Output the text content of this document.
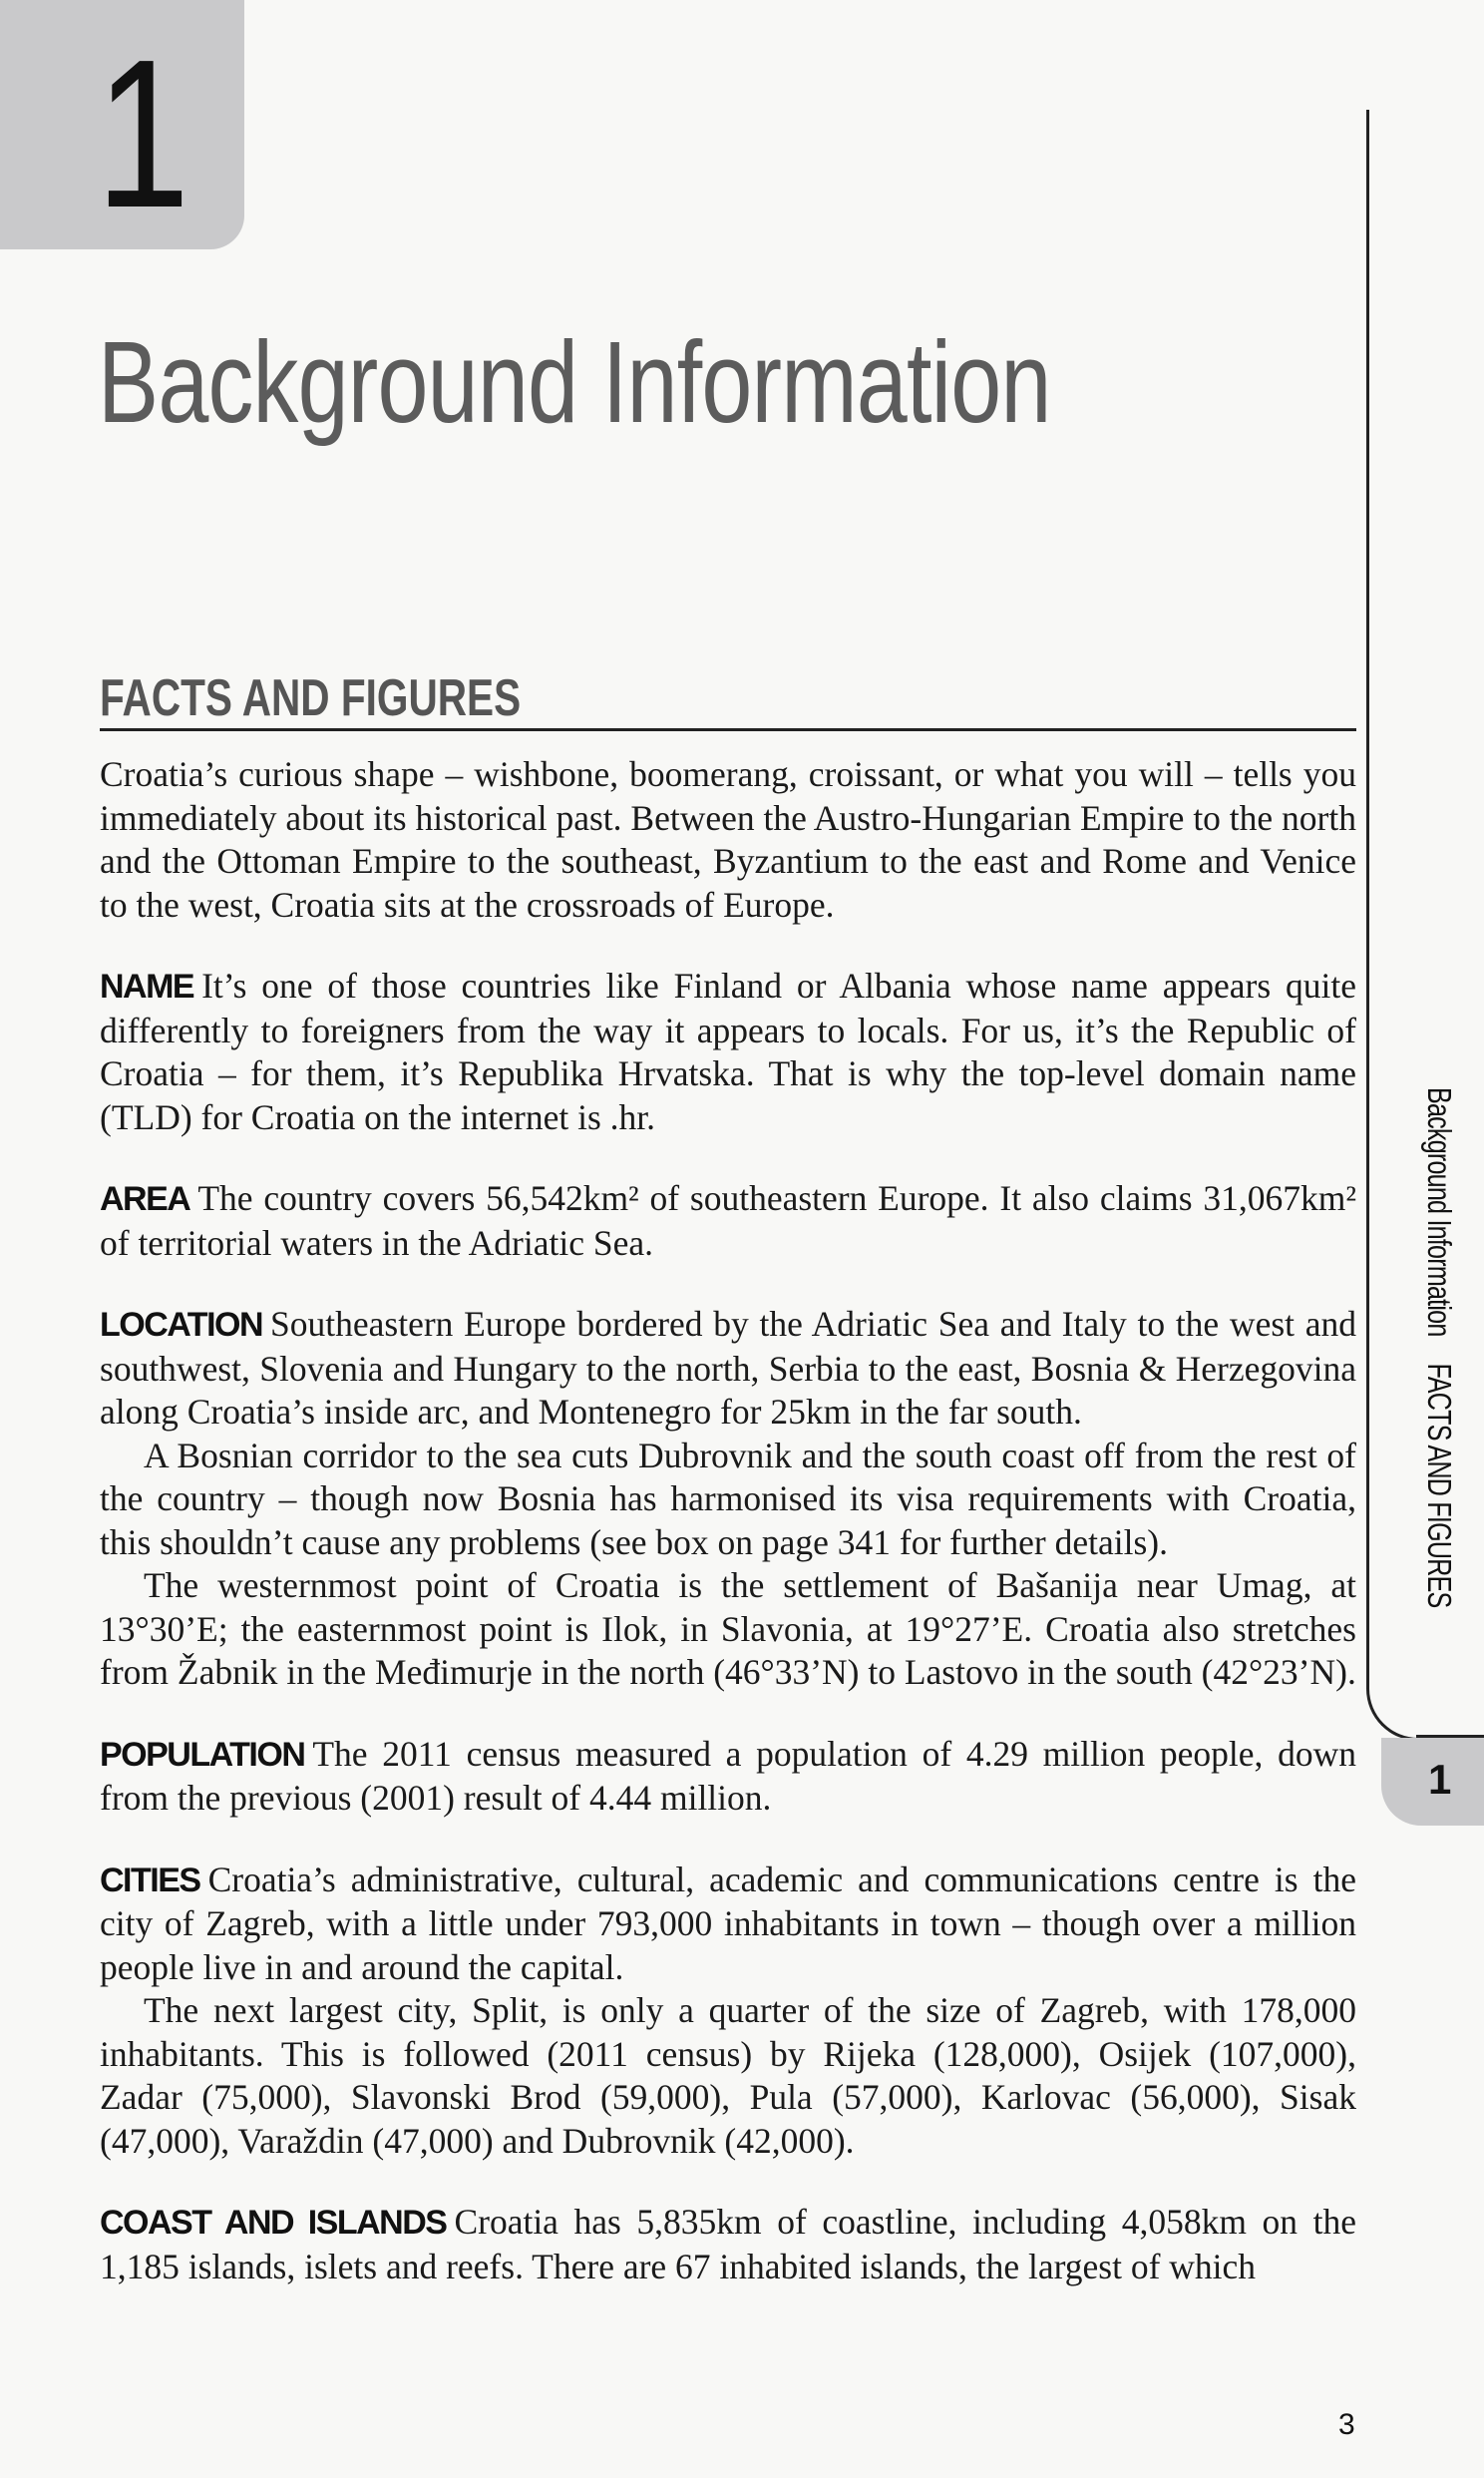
1
Background Information
FACTS AND FIGURES

Croatia’s curious shape – wishbone, boomerang, croissant, or what you will – tells you immediately about its historical past. Between the Austro-Hungarian Empire to the north and the Ottoman Empire to the southeast, Byzantium to the east and Rome and Venice to the west, Croatia sits at the crossroads of Europe.

NAME It’s one of those countries like Finland or Albania whose name appears quite differently to foreigners from the way it appears to locals. For us, it’s the Republic of Croatia – for them, it’s Republika Hrvatska. That is why the top-level domain name (TLD) for Croatia on the internet is .hr.

AREA The country covers 56,542km² of southeastern Europe. It also claims 31,067km² of territorial waters in the Adriatic Sea.

LOCATION Southeastern Europe bordered by the Adriatic Sea and Italy to the west and southwest, Slovenia and Hungary to the north, Serbia to the east, Bosnia & Herzegovina along Croatia’s inside arc, and Montenegro for 25km in the far south.

A Bosnian corridor to the sea cuts Dubrovnik and the south coast off from the rest of the country – though now Bosnia has harmonised its visa requirements with Croatia, this shouldn’t cause any problems (see box on page 341 for further details).

The westernmost point of Croatia is the settlement of Bašanija near Umag, at 13°30’E; the easternmost point is Ilok, in Slavonia, at 19°27’E. Croatia also stretches from Žabnik in the Međimurje in the north (46°33’N) to Lastovo in the south (42°23’N).

POPULATION The 2011 census measured a population of 4.29 million people, down from the previous (2001) result of 4.44 million.

CITIES Croatia’s administrative, cultural, academic and communications centre is the city of Zagreb, with a little under 793,000 inhabitants in town – though over a million people live in and around the capital.

The next largest city, Split, is only a quarter of the size of Zagreb, with 178,000 inhabitants. This is followed (2011 census) by Rijeka (128,000), Osijek (107,000), Zadar (75,000), Slavonski Brod (59,000), Pula (57,000), Karlovac (56,000), Sisak (47,000), Varaždin (47,000) and Dubrovnik (42,000).

COAST AND ISLANDS Croatia has 5,835km of coastline, including 4,058km on the 1,185 islands, islets and reefs. There are 67 inhabited islands, the largest of which

Background InformationFACTS AND FIGURES
1
3
